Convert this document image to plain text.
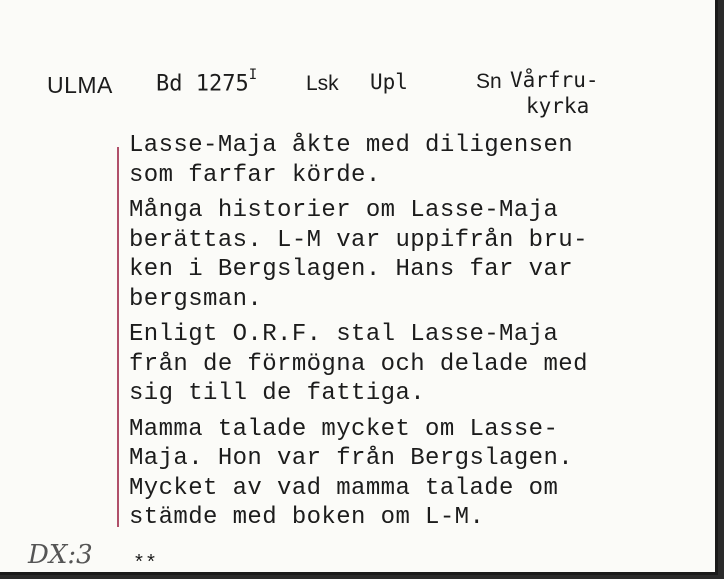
ULMA Bd $1275^I$ Lsk Upl	Sn Vårfru-
kyrka
Lasse-Maja åkte med diligensen
som farfar körde.
Många historier om Lasse-Maja
berättas. L-M var uppifrån bru-
ken i Bergslagen. Hans far var
bergsman.
Enligt O.R.F. stal Lasse-Maja
från de förmögna och delade med
sig till de fattiga.
Mamma talade mycket om Lasse-
Maja. Hon var från Bergslagen.
Mycket av vad mamma talade om
stämde med boken om L-M.
DX:3 **
